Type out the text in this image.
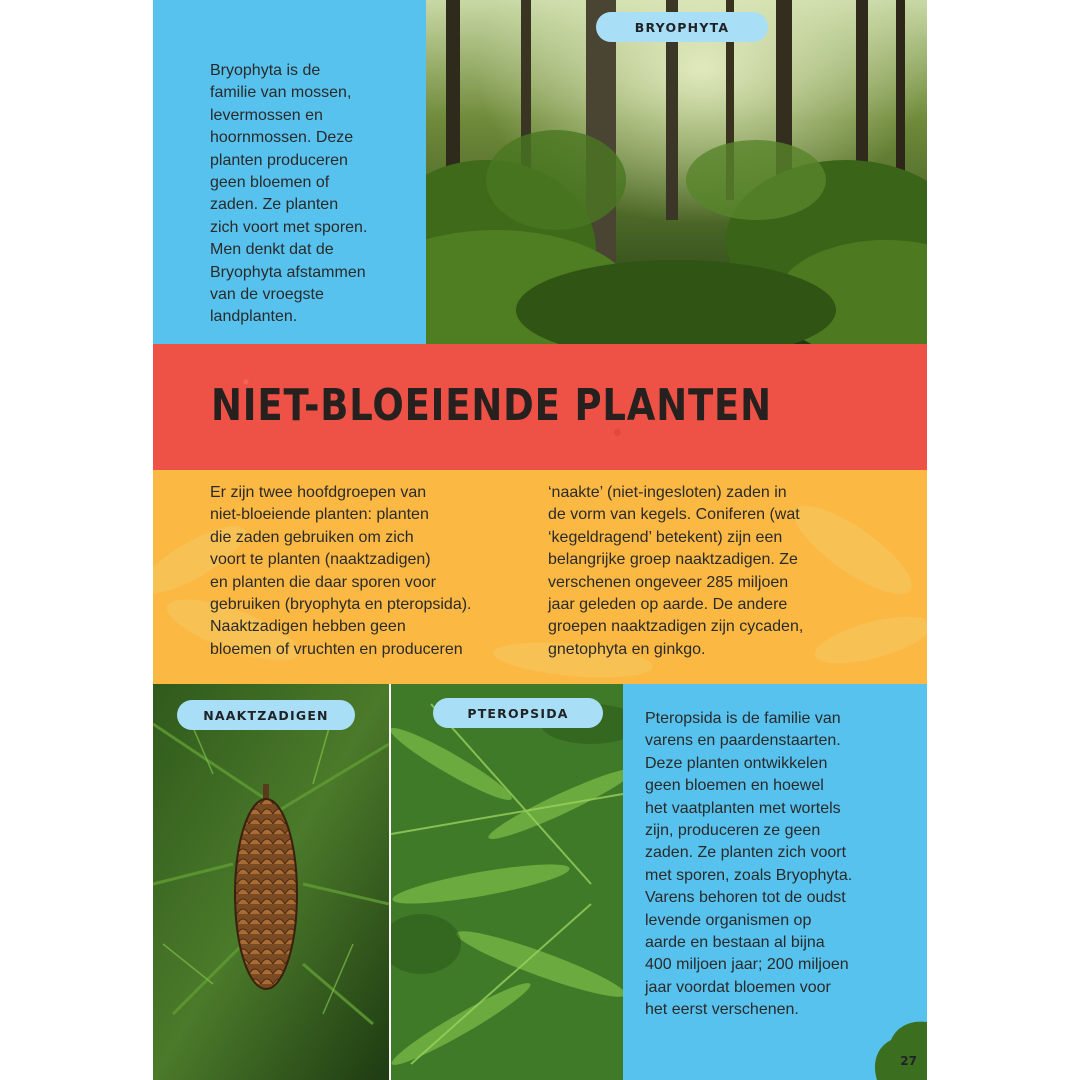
Bryophyta is de
familie van mossen,
levermossen en
hoornmossen. Deze
planten produceren
geen bloemen of
zaden. Ze planten
zich voort met sporen.
Men denkt dat de
Bryophyta afstammen
van de vroegste
landplanten.
BRYOPHYTA
NIET-BLOEIENDE PLANTEN
Er zijn twee hoofdgroepen van
niet-bloeiende planten: planten
die zaden gebruiken om zich
voort te planten (naaktzadigen)
en planten die daar sporen voor
gebruiken (bryophyta en pteropsida).
Naaktzadigen hebben geen
bloemen of vruchten en produceren
‘naakte’ (niet-ingesloten) zaden in
de vorm van kegels. Coniferen (wat
‘kegeldragend’ betekent) zijn een
belangrijke groep naaktzadigen. Ze
verschenen ongeveer 285 miljoen
jaar geleden op aarde. De andere
groepen naaktzadigen zijn cycaden,
gnetophyta en ginkgo.
NAAKTZADIGEN	PTEROPSIDA	Pteropsida is de familie van
varens en paardenstaarten.
Deze planten ontwikkelen
geen bloemen en hoewel
het vaatplanten met wortels
zijn, produceren ze geen
zaden. Ze planten zich voort
met sporen, zoals Bryophyta.
Varens behoren tot de oudst
levende organismen op
aarde en bestaan al bijna
400 miljoen jaar; 200 miljoen
jaar voordat bloemen voor
het eerst verschenen.
27
